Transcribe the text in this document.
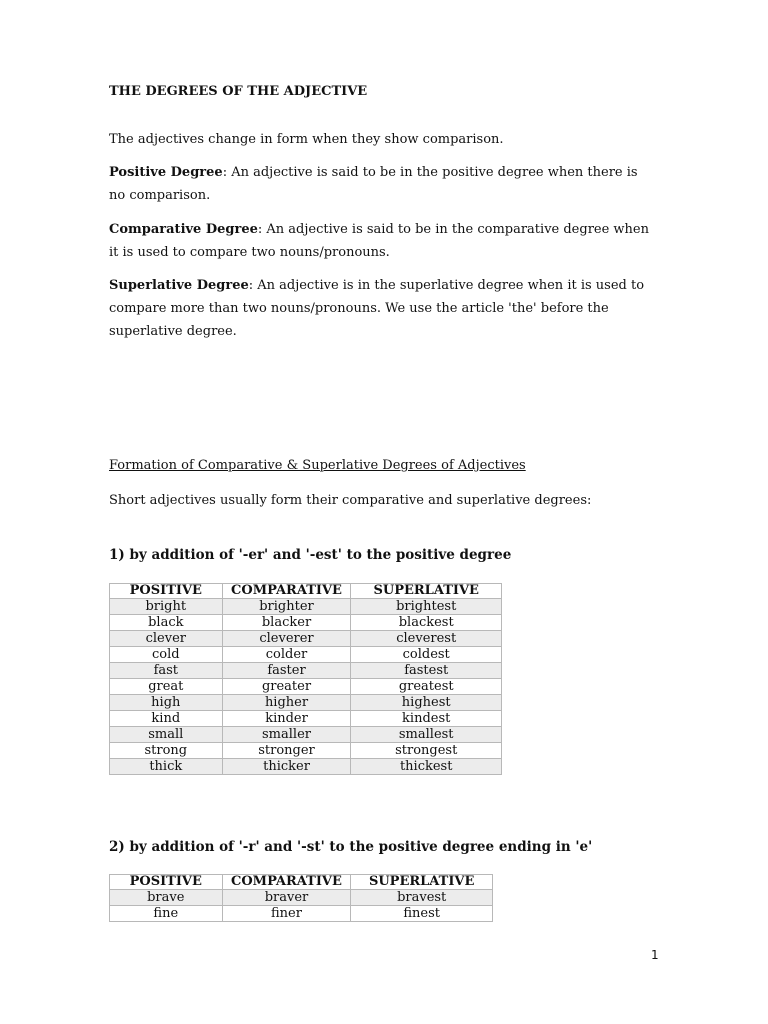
THE DEGREES OF THE ADJECTIVE

The adjectives change in form when they show comparison.

Positive Degree: An adjective is said to be in the positive degree when there is no comparison.

Comparative Degree: An adjective is said to be in the comparative degree when it is used to compare two nouns/pronouns.

Superlative Degree: An adjective is in the superlative degree when it is used to compare more than two nouns/pronouns. We use the article 'the' before the superlative degree.

Formation of Comparative & Superlative Degrees of Adjectives

Short adjectives usually form their comparative and superlative degrees:

1) by addition of '-er' and '-est' to the positive degree

POSITIVE	COMPARATIVE	SUPERLATIVE
bright	brighter	brightest
black	blacker	blackest
clever	cleverer	cleverest
cold	colder	coldest
fast	faster	fastest
great	greater	greatest
high	higher	highest
kind	kinder	kindest
small	smaller	smallest
strong	stronger	strongest
thick	thicker	thickest

2) by addition of '-r' and '-st' to the positive degree ending in 'e'

POSITIVE	COMPARATIVE	SUPERLATIVE
brave	braver	bravest
fine	finer	finest
1
